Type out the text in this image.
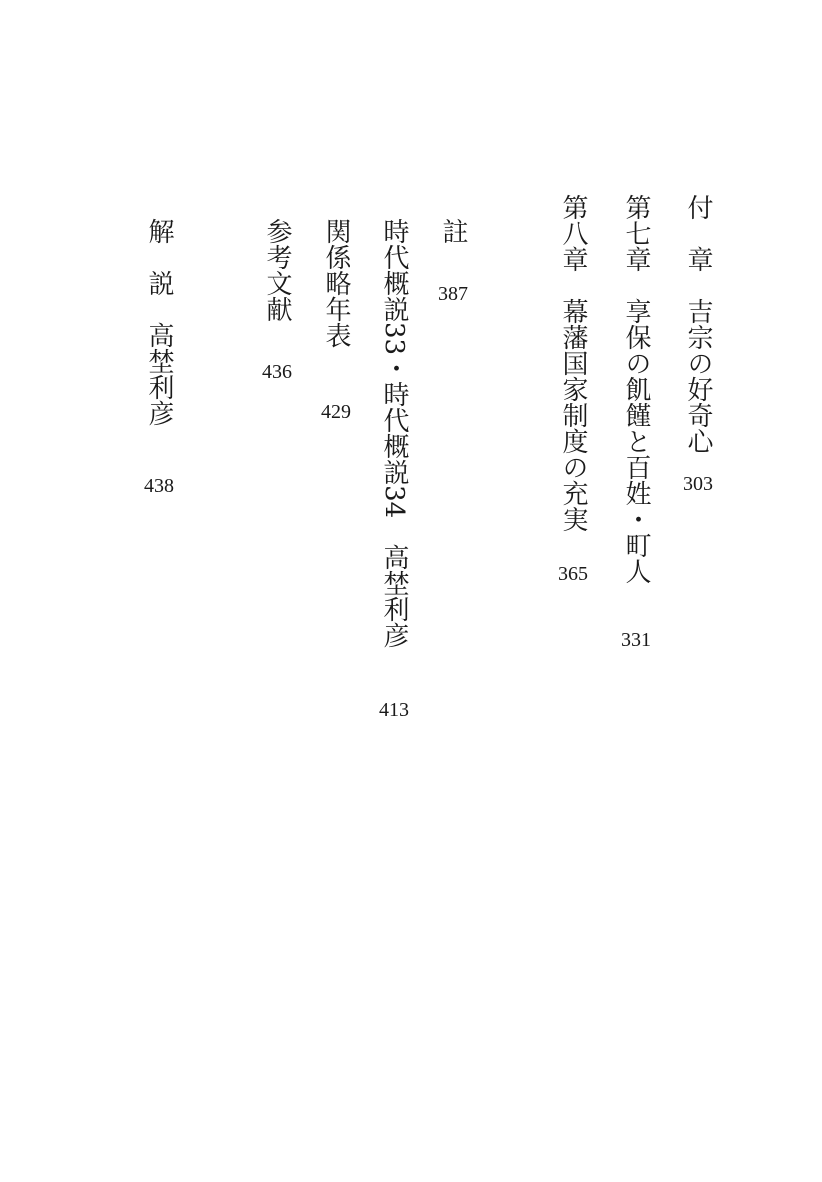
付　章　吉宗の好奇心
303
第七章　享保の飢饉と百姓・町人
331
第八章　幕藩国家制度の充実
365
註
387
時代概説33・時代概説34　高埜利彦
413
関係略年表
429
参考文献
436
解　説　高埜利彦
438
